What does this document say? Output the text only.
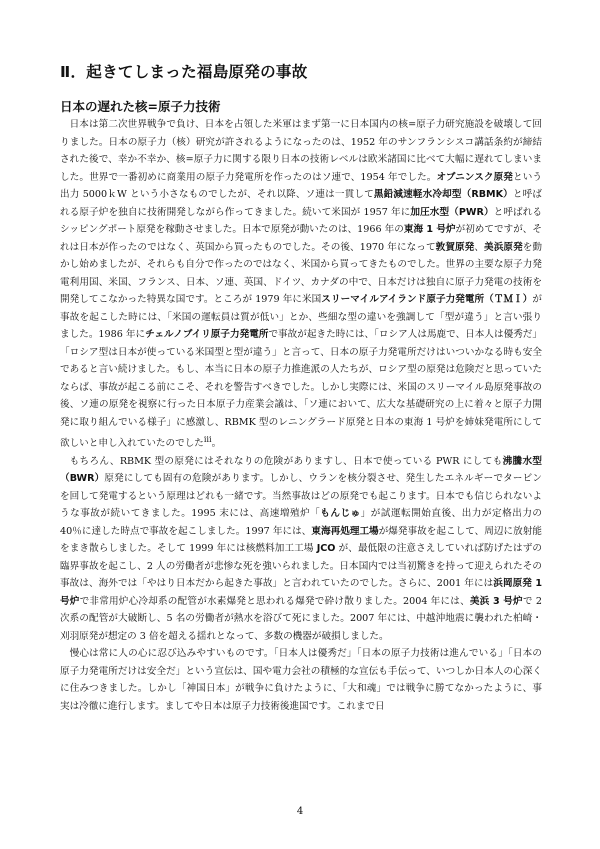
Ⅱ．起きてしまった福島原発の事故
日本の遅れた核=原子力技術

日本は第二次世界戦争で負け、日本を占領した米軍はまず第一に日本国内の核=原子力研究施設を破壊して回りました。日本の原子力（核）研究が許されるようになったのは、1952 年のサンフランシスコ講話条約が締結された後で、幸か不幸か、核=原子力に関する限り日本の技術レベルは欧米諸国に比べて大幅に遅れてしまいました。世界で一番初めに商業用の原子力発電所を作ったのはソ連で、1954 年でした。オブニンスク原発という出力 5000ｋW という小さなものでしたが、それ以降、ソ連は一貫して黒鉛減速軽水冷却型（RBMK）と呼ばれる原子炉を独自に技術開発しながら作ってきました。続いて米国が 1957 年に加圧水型（PWR）と呼ばれるシッピングポート原発を稼動させました。日本で原発が動いたのは、1966 年の東海 1 号炉が初めてですが、それは日本が作ったのではなく、英国から買ったものでした。その後、1970 年になって敦賀原発、美浜原発を動かし始めましたが、それらも自分で作ったのではなく、米国から買ってきたものでした。世界の主要な原子力発電利用国、米国、フランス、日本、ソ連、英国、ドイツ、カナダの中で、日本だけは独自に原子力発電の技術を開発してこなかった特異な国です。ところが 1979 年に米国スリーマイルアイランド原子力発電所（ＴＭＩ）が事故を起こした時には、「米国の運転員は質が低い」とか、些細な型の違いを強調して「型が違う」と言い張りました。1986 年にチェルノブイリ原子力発電所で事故が起きた時には、「ロシア人は馬鹿で、日本人は優秀だ」「ロシア型は日本が使っている米国型と型が違う」と言って、日本の原子力発電所だけはいついかなる時も安全であると言い続けました。もし、本当に日本の原子力推進派の人たちが、ロシア型の原発は危険だと思っていたならば、事故が起こる前にこそ、それを警告すべきでした。しかし実際には、米国のスリーマイル島原発事故の後、ソ連の原発を視察に行った日本原子力産業会議は、「ソ連において、広大な基礎研究の上に着々と原子力開発に取り組んでいる様子」に感激し、RBMK 型のレニングラード原発と日本の東海 1 号炉を姉妹発電所にして欲しいと申し入れていたのでした$^ⅲ$。

もちろん、RBMK 型の原発にはそれなりの危険がありますし、日本で使っている PWR にしても沸騰水型（BWR）原発にしても固有の危険があります。しかし、ウランを核分裂させ、発生したエネルギーでタービンを回して発電するという原理はどれも一緒です。当然事故はどの原発でも起こります。日本でも信じられないような事故が続いてきました。1995 末には、高速増殖炉「もんじゅ」が試運転開始直後、出力が定格出力の 40％に達した時点で事故を起こしました。1997 年には、東海再処理工場が爆発事故を起こして、周辺に放射能をまき散らしました。そして 1999 年には核燃料加工工場 JCO が、最低限の注意さえしていれば防げたはずの臨界事故を起こし、2 人の労働者が悲惨な死を強いられました。日本国内では当初驚きを持って迎えられたその事故は、海外では「やはり日本だから起きた事故」と言われていたのでした。さらに、2001 年には浜岡原発 1 号炉で非常用炉心冷却系の配管が水素爆発と思われる爆発で砕け散りました。2004 年には、美浜 3 号炉で 2 次系の配管が大破断し、5 名の労働者が熱水を浴びて死にました。2007 年には、中越沖地震に襲われた柏崎・刈羽原発が想定の 3 倍を超える揺れとなって、多数の機器が破損しました。

慢心は常に人の心に忍び込みやすいものです。「日本人は優秀だ」「日本の原子力技術は進んでいる」「日本の原子力発電所だけは安全だ」という宣伝は、国や電力会社の積極的な宣伝も手伝って、いつしか日本人の心深くに住みつきました。しかし「神国日本」が戦争に負けたように、「大和魂」では戦争に勝てなかったように、事実は冷徹に進行します。ましてや日本は原子力技術後進国です。これまで日

4
